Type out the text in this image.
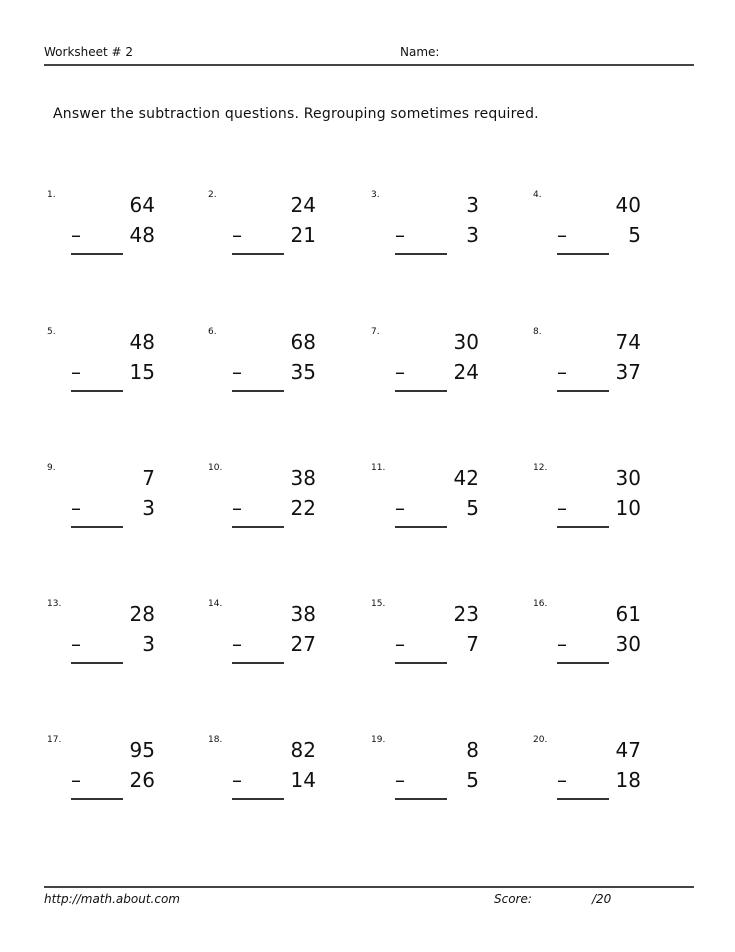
Worksheet # 2	Name:
Answer the subtraction questions. Regrouping sometimes required.
1.	64
– 48
2.	24
– 21
3.	3
–	3
4.	40
–	5
5.	48
– 15
6.	68
– 35
7.	30
– 24
8.	74
– 37
9.	7
–	3
10.	38
– 22
11.	42
–	5
12.	30
– 10
13.	28
–	3
14.	38
– 27
15.	23
–	7
16.	61
– 30
17.	95
– 26
18.	82
– 14
19.	8
–	5
20.	47
– 18
http://math.about.com	Score:	/20
